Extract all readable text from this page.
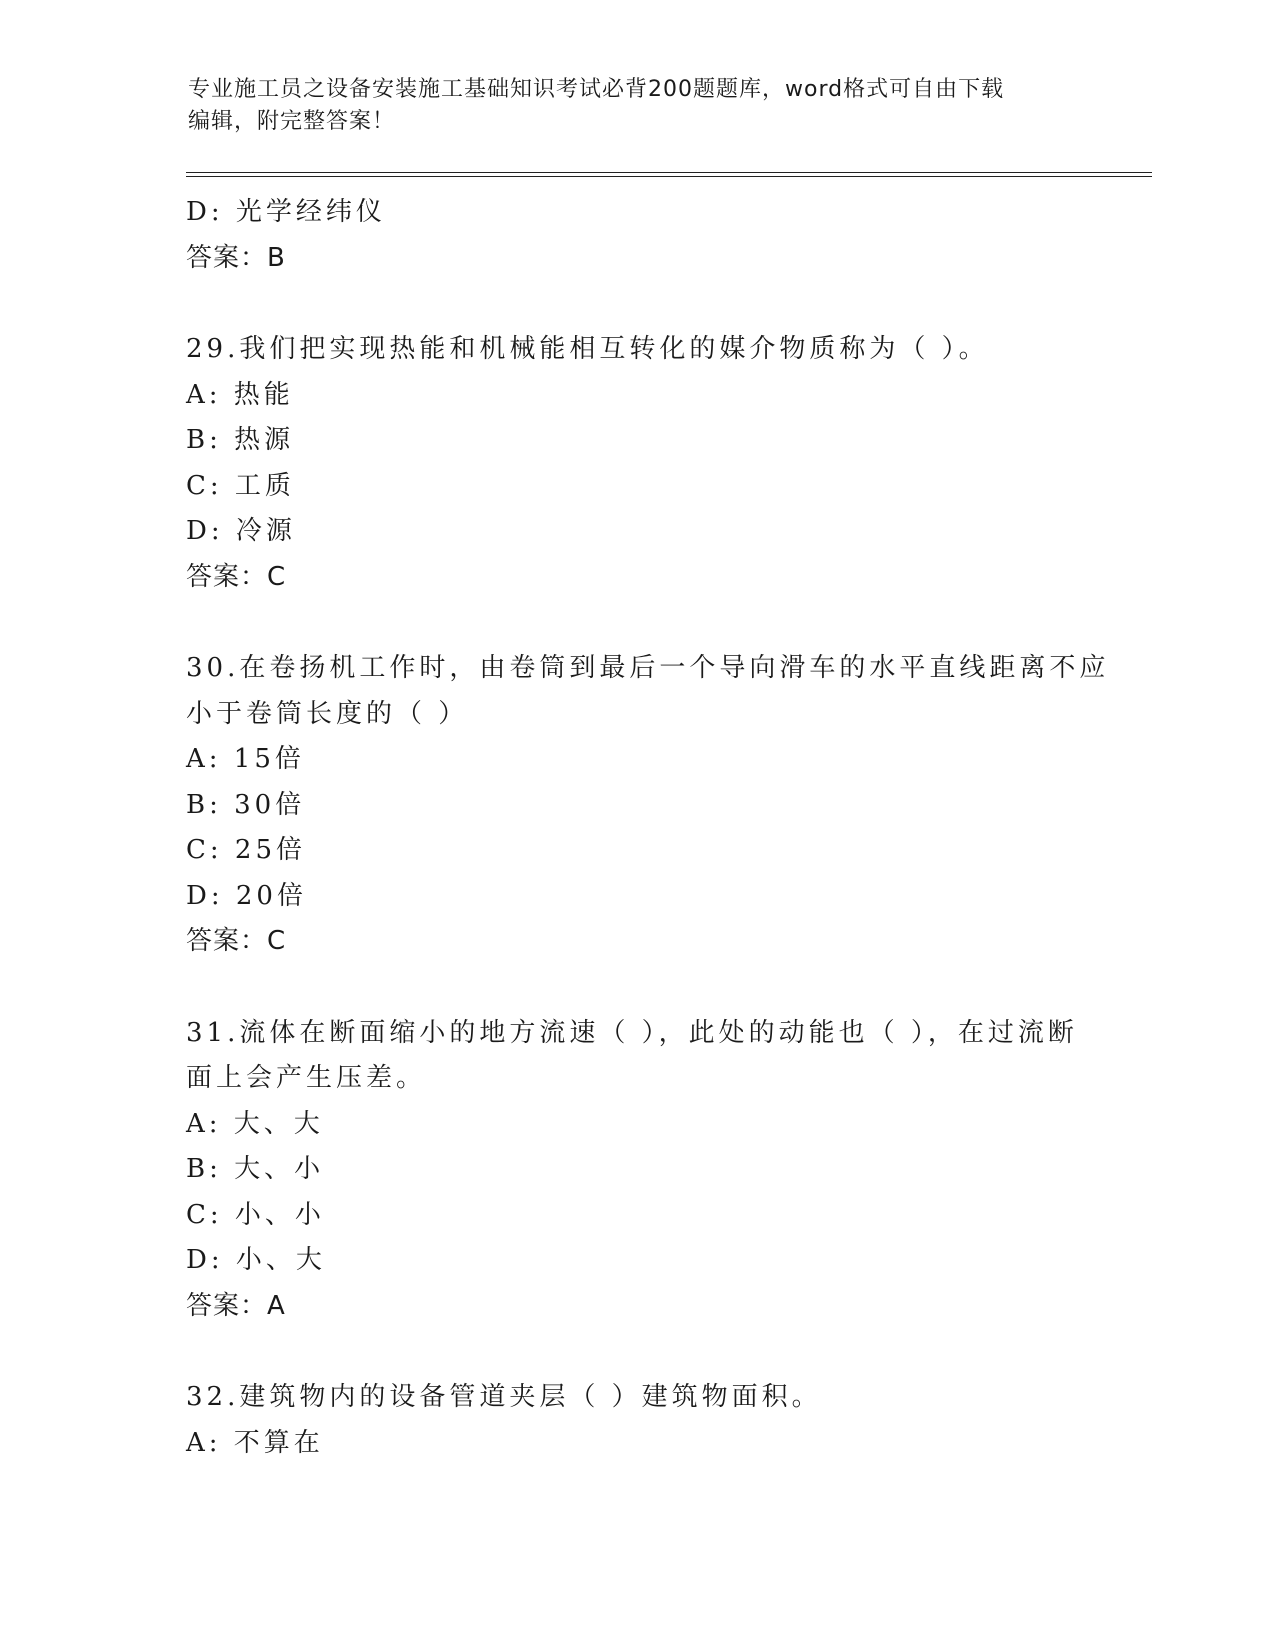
专业施工员之设备安装施工基础知识考试必背200题题库，word格式可自由下载
编辑，附完整答案！
D: 光学经纬仪
答案：B
29.我们把实现热能和机械能相互转化的媒介物质称为（ ）。
A: 热能
B: 热源
C: 工质
D: 冷源
答案：C
30.在卷扬机工作时，由卷筒到最后一个导向滑车的水平直线距离不应
小于卷筒长度的（ ）
A: 15倍
B: 30倍
C: 25倍
D: 20倍
答案：C
31.流体在断面缩小的地方流速（ ），此处的动能也（ ），在过流断
面上会产生压差。
A: 大、大
B: 大、小
C: 小、小
D: 小、大
答案：A
32.建筑物内的设备管道夹层（ ）建筑物面积。
A: 不算在
